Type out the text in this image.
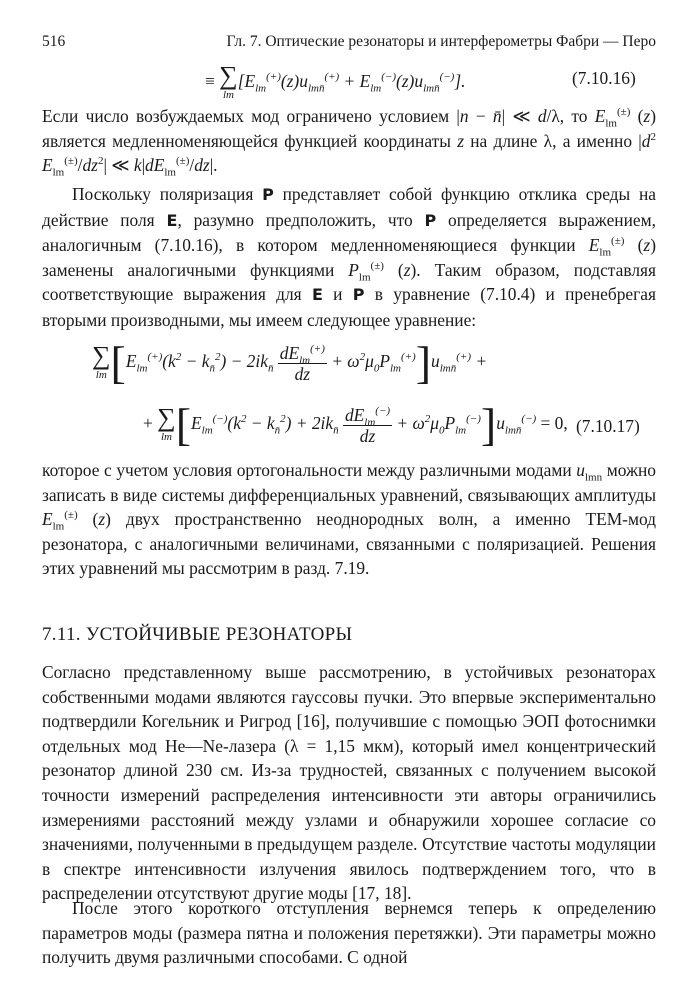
516	Гл. 7. Оптические резонаторы и интерферометры Фабри — Перо
≡ ∑
lm
$[E_{lm}^{(+)}(z)u_{lmn̄}^{(+)} + E_{lm}^{(-)}(z)u_{lmn̄}^{(-)}]$.	(7.10.16)

Если число возбуждаемых мод ограничено условием |n − n̄| ≪ d/λ, то $E_{lm}^{(\pm)}$ (z) является медленноменяющейся функцией координаты z на длине λ, а именно $|d^2$ $E_{lm}^{(\pm)}/dz^2|$ ≪ $k|dE_{lm}^{(\pm)}/dz|$.

Поскольку поляризация P представляет собой функцию отклика среды на действие поля E, разумно предположить, что P определяется выражением, аналогичным (7.10.16), в котором медленноменяющиеся функции $E_{lm}^{(\pm)}$ (z) заменены аналогичными функциями $P_{lm}^{(\pm)}$ (z). Таким образом, подставляя соответствующие выражения для E и P в уравнение (7.10.4) и пренебрегая вторыми производными, мы имеем следующее уравнение:

∑
lm $[E_{lm}^{(+)}(k^2 - k_{n̄}^2) - 2ik_{n̄} \frac{dE_{lm}^{(+)}}{dz} + \omega^2\mu_0P_{lm}^{(+)}]u_{lmn̄}^{(+)}$ +
+ ∑
lm $[E_{lm}^{(-)}(k^2 - k_{n̄}^2) + 2ik_{n̄} \frac{dE_{lm}^{(-)}}{dz} + \omega^2\mu_0P_{lm}^{(-)}]u_{lmn̄}^{(-)} = 0$, (7.10.17)

которое с учетом условия ортогональности между различными модами $u_{lmn}$ можно записать в виде системы дифференциальных уравнений, связывающих амплитуды $E_{lm}^{(\pm)}$ (z) двух пространственно неоднородных волн, а именно ТЕМ-мод резонатора, с аналогичными величинами, связанными с поляризацией. Решения этих уравнений мы рассмотрим в разд. 7.19.

7.11. УСТОЙЧИВЫЕ РЕЗОНАТОРЫ

Согласно представленному выше рассмотрению, в устойчивых резонаторах собственными модами являются гауссовы пучки. Это впервые экспериментально подтвердили Когельник и Ригрод [16], получившие с помощью ЭОП фотоснимки отдельных мод He—Ne-лазера (λ = 1,15 мкм), который имел концентрический резонатор длиной 230 см. Из-за трудностей, связанных с получением высокой точности измерений распределения интенсивности эти авторы ограничились измерениями расстояний между узлами и обнаружили хорошее согласие со значениями, полученными в предыдущем разделе. Отсутствие частоты модуляции в спектре интенсивности излучения явилось подтверждением того, что в распределении отсутствуют другие моды [17, 18].

После этого короткого отступления вернемся теперь к определению параметров моды (размера пятна и положения перетяжки). Эти параметры можно получить двумя различными способами. С одной
